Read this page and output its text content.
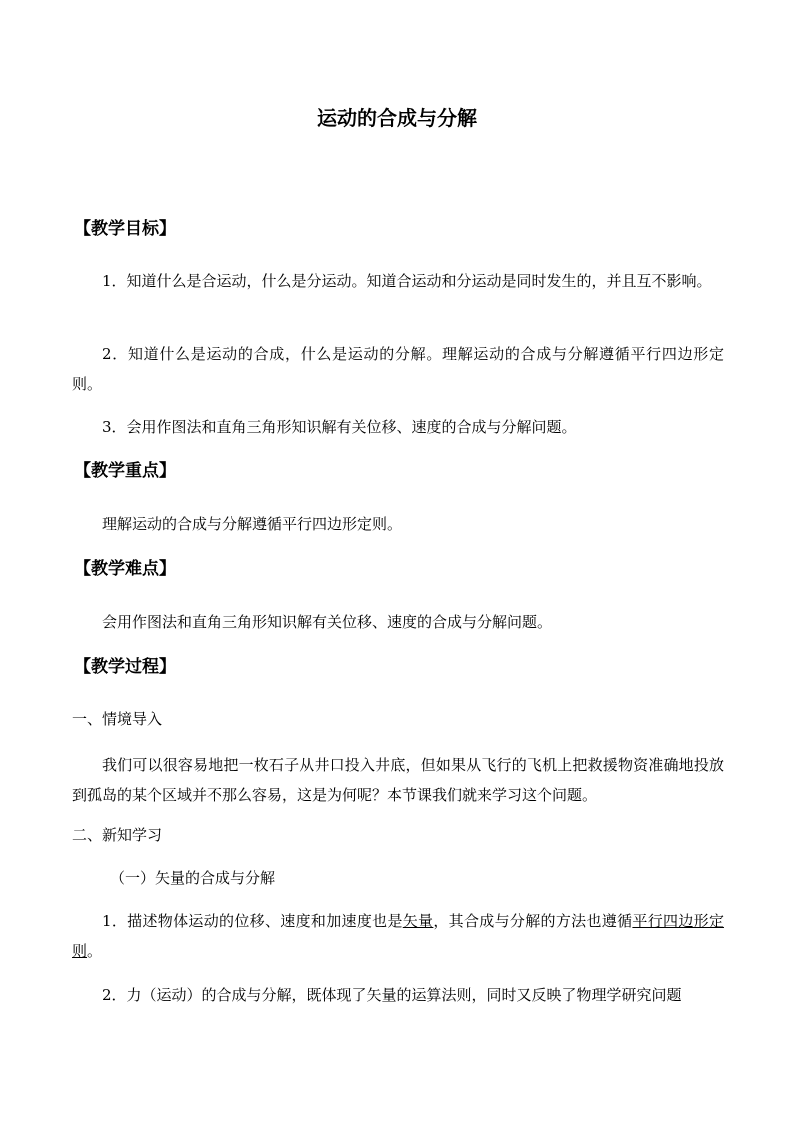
运动的合成与分解
【教学目标】
1．知道什么是合运动，什么是分运动。知道合运动和分运动是同时发生的，并且互不影响。
2．知道什么是运动的合成，什么是运动的分解。理解运动的合成与分解遵循平行四边形定则。
3．会用作图法和直角三角形知识解有关位移、速度的合成与分解问题。
【教学重点】
理解运动的合成与分解遵循平行四边形定则。
【教学难点】
会用作图法和直角三角形知识解有关位移、速度的合成与分解问题。
【教学过程】
一、情境导入
我们可以很容易地把一枚石子从井口投入井底，但如果从飞行的飞机上把救援物资准确地投放到孤岛的某个区域并不那么容易，这是为何呢？本节课我们就来学习这个问题。
二、新知学习
（一）矢量的合成与分解
1．描述物体运动的位移、速度和加速度也是矢量，其合成与分解的方法也遵循平行四边形定则。
2．力（运动）的合成与分解，既体现了矢量的运算法则，同时又反映了物理学研究问题
